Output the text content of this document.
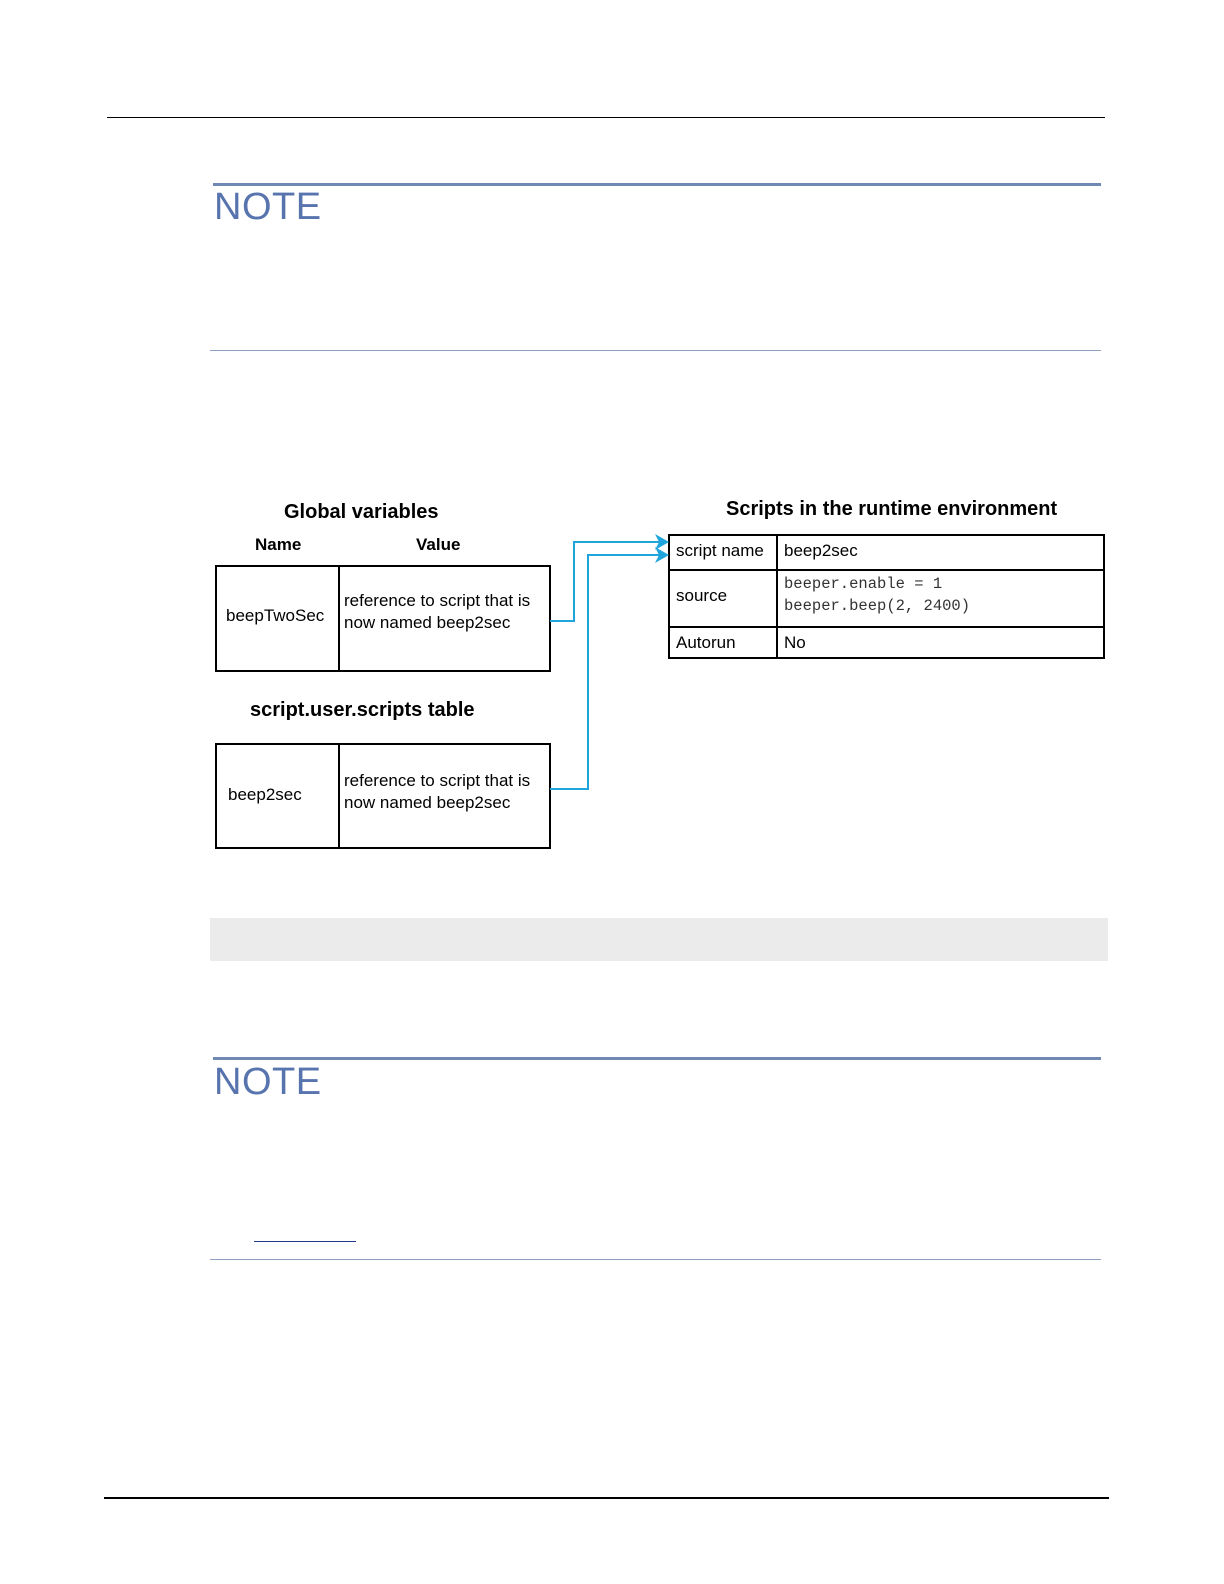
NOTE
Global variables
Name	Value
Scripts in the runtime environment
script.user.scripts table
beepTwoSec
reference to script that is
now named beep2sec
beep2sec
reference to script that is
now named beep2sec
script name beep2sec
source
beeper.enable = 1
beeper.beep(2, 2400)
Autorun	No
NOTE
